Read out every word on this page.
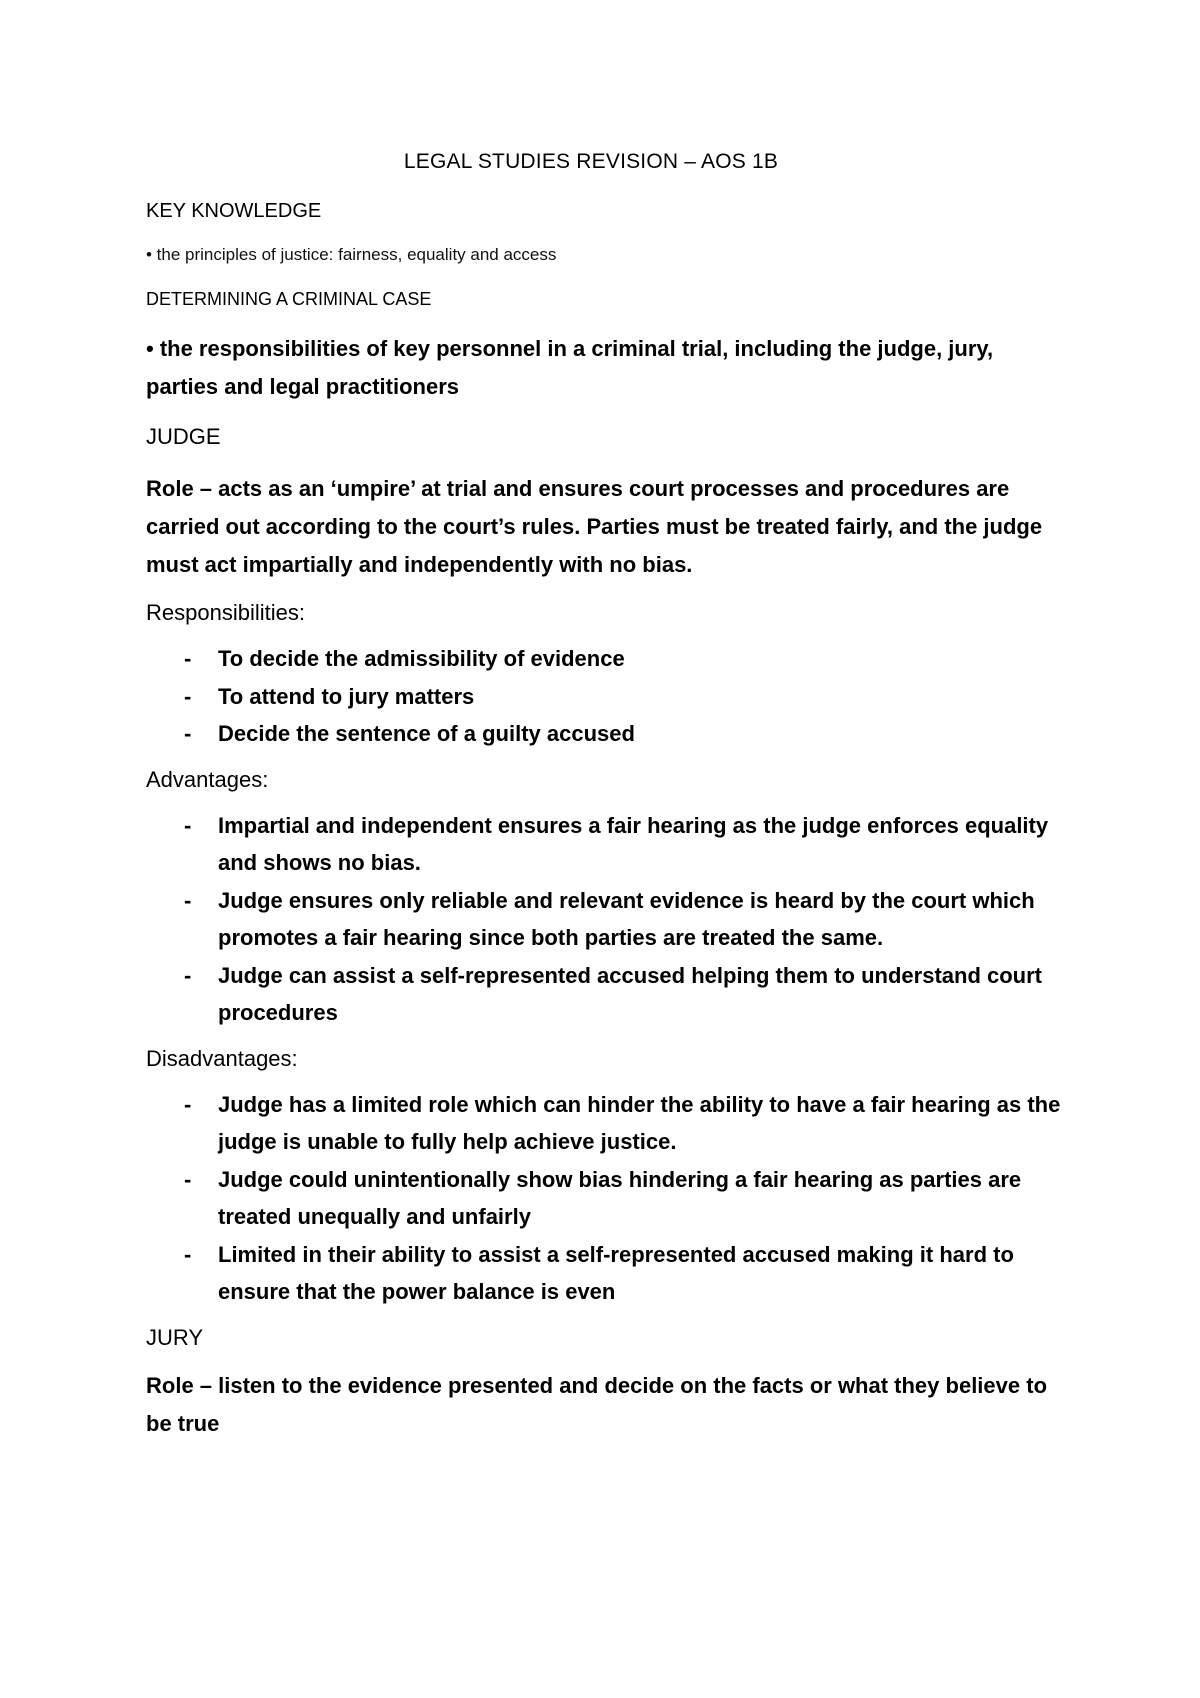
LEGAL STUDIES REVISION – AOS 1B
KEY KNOWLEDGE
• the principles of justice: fairness, equality and access
DETERMINING A CRIMINAL CASE
• the responsibilities of key personnel in a criminal trial, including the judge, jury, parties and legal practitioners
JUDGE
Role – acts as an ‘umpire’ at trial and ensures court processes and procedures are carried out according to the court’s rules. Parties must be treated fairly, and the judge must act impartially and independently with no bias.
Responsibilities:
- To decide the admissibility of evidence
- To attend to jury matters
- Decide the sentence of a guilty accused
Advantages:
- Impartial and independent ensures a fair hearing as the judge enforces equality and shows no bias.
- Judge ensures only reliable and relevant evidence is heard by the court which promotes a fair hearing since both parties are treated the same.
- Judge can assist a self-represented accused helping them to understand court procedures
Disadvantages:
- Judge has a limited role which can hinder the ability to have a fair hearing as the judge is unable to fully help achieve justice.
- Judge could unintentionally show bias hindering a fair hearing as parties are treated unequally and unfairly
- Limited in their ability to assist a self-represented accused making it hard to ensure that the power balance is even
JURY
Role – listen to the evidence presented and decide on the facts or what they believe to be true
